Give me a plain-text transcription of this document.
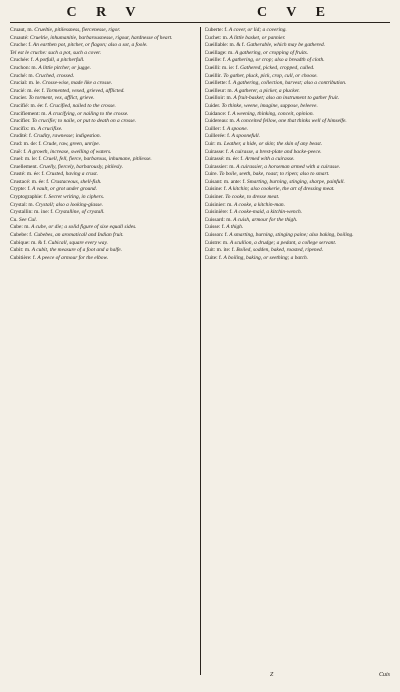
C R V	C V E

Cruaut, m. Crueltie, pitilessness, fiercenesse, rigor.

Cruauté: Crueltie, inhumanitie, barbarousnesse, rigour, hardnesse of heart.

Cruche: f. An earthen pot, pitcher, or flagon; also a sot, a foole.

Tel est le cruche: such a pot, such a cover.

Cruchée: f. A potfull, a pitcherfull.

Cruchon: m. A little pitcher, or jugge.

Cruché: m. Cruched, crossed.

Crucial: m. le. Crosse-wise, made like a crosse.

Crucié: m. ée: f. Tormented, vexed, grieved, afflicted.

Crucier. To torment, vex, afflict, grieve.

Crucifié: m. ée: f. Crucified, nailed to the crosse.

Crucifiement: m. A crucifying, or nailing to the crosse.

Crucifier. To crucifie; to naile, or put to death on a crosse.

Crucifix: m. A crucifixe.

Crudité: f. Crudity, rawnesse; indigestion.

Crud: m. de: f. Crude, raw, green, unripe.

Cruë: f. A growth, increase, swelling of waters.

Cruel: m. le: f. Cruell, fell, fierce, barbarous, inhumane, pitilesse.

Cruellement. Cruelly, fiercely, barbarously, pitilesly.

Crusté: m. ée: f. Crusted, having a crust.

Crustacé: m. ée: f. Crustaceous, shell-fish.

Crypte: f. A vault, or grot under ground.

Cryptographie: f. Secret writing, in ciphers.

Crystal: m. Crystall; also a looking-glasse.

Crystallin: m. ine: f. Crystalline, of crystall.

Cu. See Cul.

Cube: m. A cube, or die; a solid figure of sixe equall sides.

Cubebe: f. Cubebes, an aromaticall and Indian fruit.

Cubique: m. & f. Cubicall, square every way.

Cubit: m. A cubit, the measure of a foot and a halfe.

Cubitière: f. A peece of armour for the elbow.

Cuberte: f. A cover, or lid; a covering.

Cuchet: m. A little basket, or pannier.

Cueillable: m. & f. Gatherable, which may be gathered.

Cueillage: m. A gathering, or cropping of fruits.

Cueille: f. A gathering, or crop; also a breadth of cloth.

Cueilli: m. ie: f. Gathered, picked, cropped, culled.

Cueillir. To gather, pluck, pick, crop, cull, or choose.

Cueillette: f. A gathering, collection, harvest; also a contribution.

Cueilleur: m. A gatherer, a picker, a plucker.

Cueilloir: m. A fruit-basket; also an instrument to gather fruit.

Cuider. To thinke, weene, imagine, suppose, beleeve.

Cuidance: f. A weening, thinking, conceit, opinion.

Cuidereau: m. A conceited fellow, one that thinks well of himselfe.

Cuiller: f. A spoone.

Cuillerée: f. A spoonefull.

Cuir: m. Leather, a hide, or skin; the skin of any beast.

Cuirasse: f. A cuirasse, a brest-plate and backe-peece.

Cuirassé: m. ée: f. Armed with a cuirasse.

Cuirassier: m. A cuirassier, a horseman armed with a cuirasse.

Cuire. To boile, seeth, bake, roast; to ripen; also to smart.

Cuisant: m. ante: f. Smarting, burning, stinging, sharpe, painfull.

Cuisine: f. A kitchin; also cookerie, the art of dressing meat.

Cuisiner. To cooke, to dresse meat.

Cuisinier: m. A cooke, a kitchin-man.

Cuisinière: f. A cooke-maid, a kitchin-wench.

Cuissard: m. A cuish, armour for the thigh.

Cuisse: f. A thigh.

Cuisson: f. A smarting, burning, stinging paine; also baking, boiling.

Cuistre: m. A scullion, a drudge; a pedant, a college servant.

Cuit: m. ite: f. Boiled, sodden, baked, roasted, ripened.

Cuite: f. A boiling, baking, or seething; a batch.

Z	Cuis
